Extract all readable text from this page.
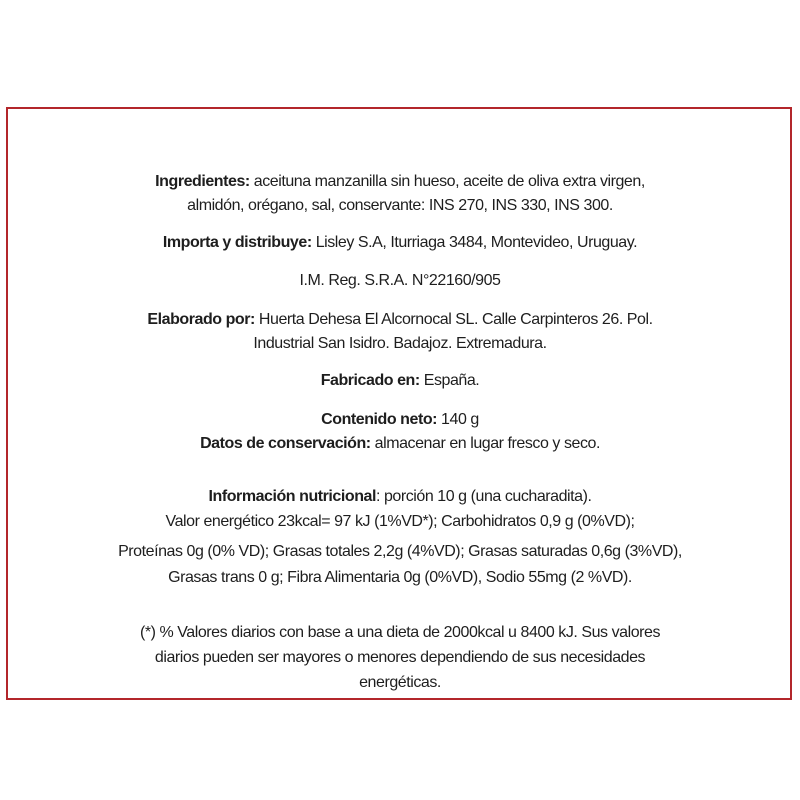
Ingredientes: aceituna manzanilla sin hueso, aceite de oliva extra virgen,
almidón, orégano, sal, conservante: INS 270, INS 330, INS 300.
Importa y distribuye: Lisley S.A, Iturriaga 3484, Montevideo, Uruguay.
I.M. Reg. S.R.A. N°22160/905
Elaborado por: Huerta Dehesa El Alcornocal SL. Calle Carpinteros 26. Pol.
Industrial San Isidro. Badajoz. Extremadura.
Fabricado en: España.
Contenido neto: 140 g
Datos de conservación: almacenar en lugar fresco y seco.
Información nutricional: porción 10 g (una cucharadita).
Valor energético 23kcal= 97 kJ (1%VD*); Carbohidratos 0,9 g (0%VD);
Proteínas 0g (0% VD); Grasas totales 2,2g (4%VD); Grasas saturadas 0,6g (3%VD),
Grasas trans 0 g; Fibra Alimentaria 0g (0%VD), Sodio 55mg (2 %VD).
(*) % Valores diarios con base a una dieta de 2000kcal u 8400 kJ. Sus valores
diarios pueden ser mayores o menores dependiendo de sus necesidades
energéticas.
